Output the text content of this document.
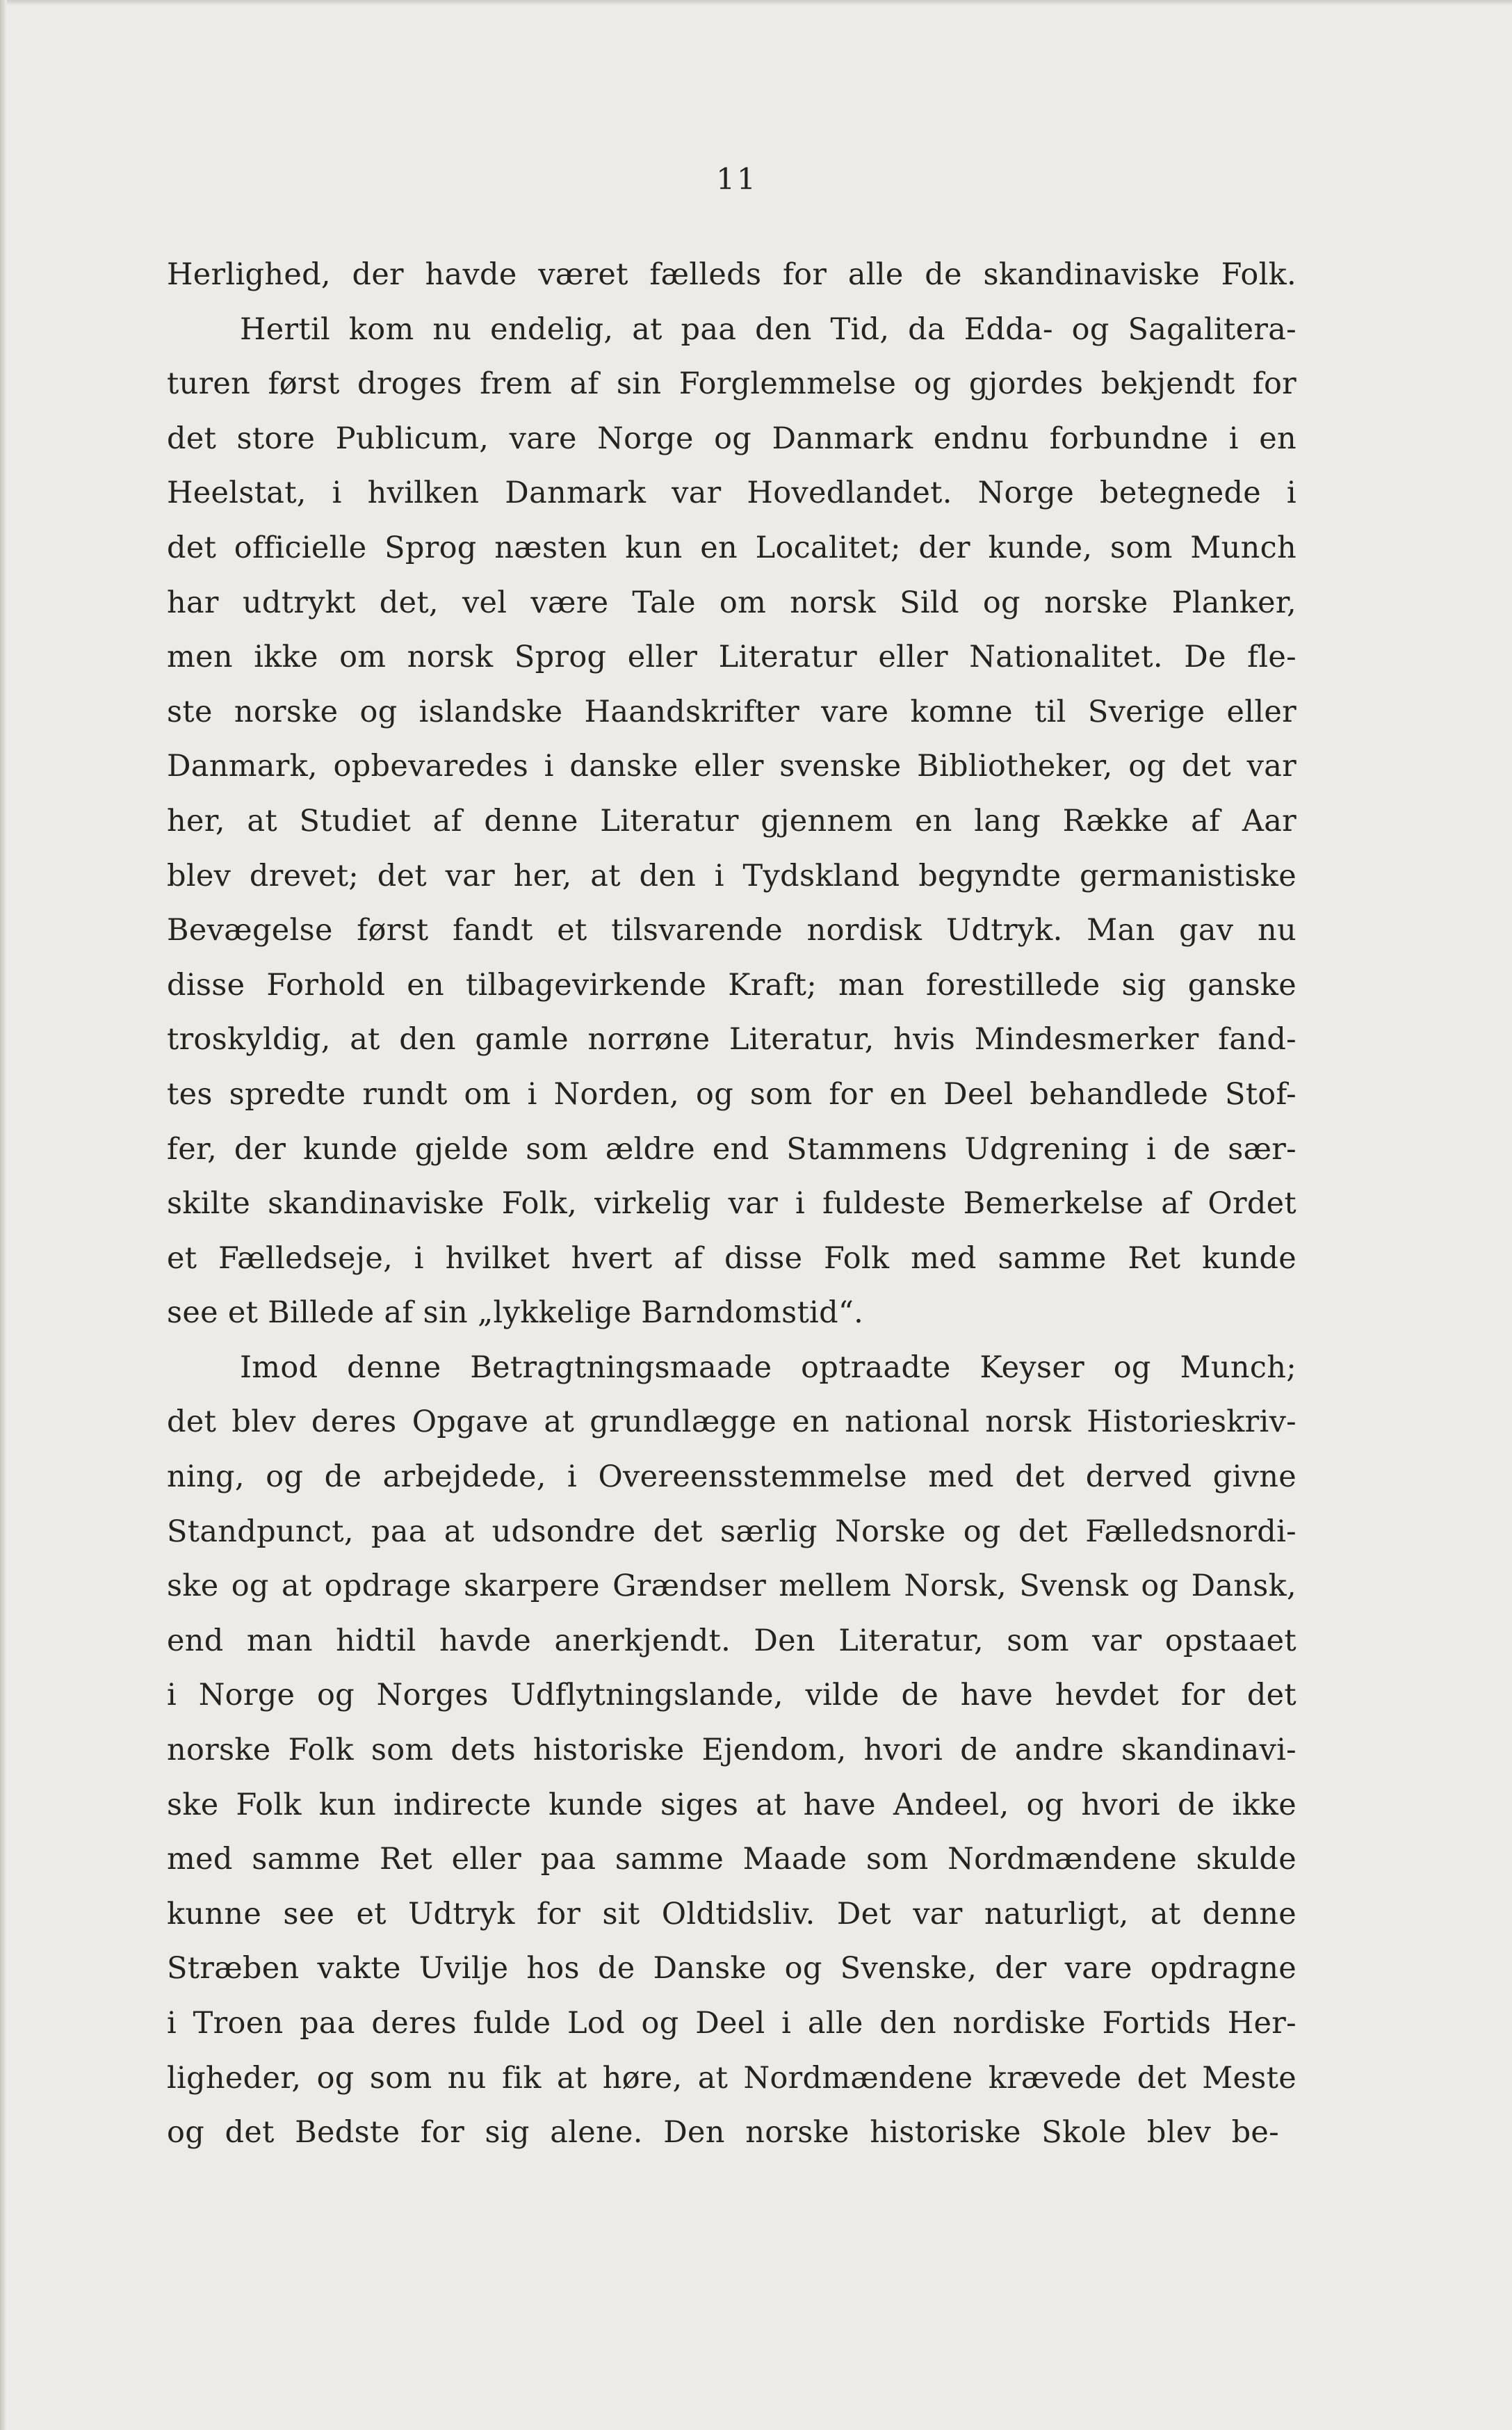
11
Herlighed, der havde været fælleds for alle de skandinaviske Folk.
Hertil kom nu endelig, at paa den Tid, da Edda- og Sagalitera-
turen først droges frem af sin Forglemmelse og gjordes bekjendt for
det store Publicum, vare Norge og Danmark endnu forbundne i en
Heelstat, i hvilken Danmark var Hovedlandet. Norge betegnede i
det officielle Sprog næsten kun en Localitet; der kunde, som Munch
har udtrykt det, vel være Tale om norsk Sild og norske Planker,
men ikke om norsk Sprog eller Literatur eller Nationalitet. De fle-
ste norske og islandske Haandskrifter vare komne til Sverige eller
Danmark, opbevaredes i danske eller svenske Bibliotheker, og det var
her, at Studiet af denne Literatur gjennem en lang Række af Aar
blev drevet; det var her, at den i Tydskland begyndte germanistiske
Bevægelse først fandt et tilsvarende nordisk Udtryk. Man gav nu
disse Forhold en tilbagevirkende Kraft; man forestillede sig ganske
troskyldig, at den gamle norrøne Literatur, hvis Mindesmerker fand-
tes spredte rundt om i Norden, og som for en Deel behandlede Stof-
fer, der kunde gjelde som ældre end Stammens Udgrening i de sær-
skilte skandinaviske Folk, virkelig var i fuldeste Bemerkelse af Ordet
et Fælledseje, i hvilket hvert af disse Folk med samme Ret kunde
see et Billede af sin „lykkelige Barndomstid“.
Imod denne Betragtningsmaade optraadte Keyser og Munch;
det blev deres Opgave at grundlægge en national norsk Historieskriv-
ning, og de arbejdede, i Overeensstemmelse med det derved givne
Standpunct, paa at udsondre det særlig Norske og det Fælledsnordi-
ske og at opdrage skarpere Grændser mellem Norsk, Svensk og Dansk,
end man hidtil havde anerkjendt. Den Literatur, som var opstaaet
i Norge og Norges Udflytningslande, vilde de have hevdet for det
norske Folk som dets historiske Ejendom, hvori de andre skandinavi-
ske Folk kun indirecte kunde siges at have Andeel, og hvori de ikke
med samme Ret eller paa samme Maade som Nordmændene skulde
kunne see et Udtryk for sit Oldtidsliv. Det var naturligt, at denne
Stræben vakte Uvilje hos de Danske og Svenske, der vare opdragne
i Troen paa deres fulde Lod og Deel i alle den nordiske Fortids Her-
ligheder, og som nu fik at høre, at Nordmændene krævede det Meste
og det Bedste for sig alene. Den norske historiske Skole blev be-
